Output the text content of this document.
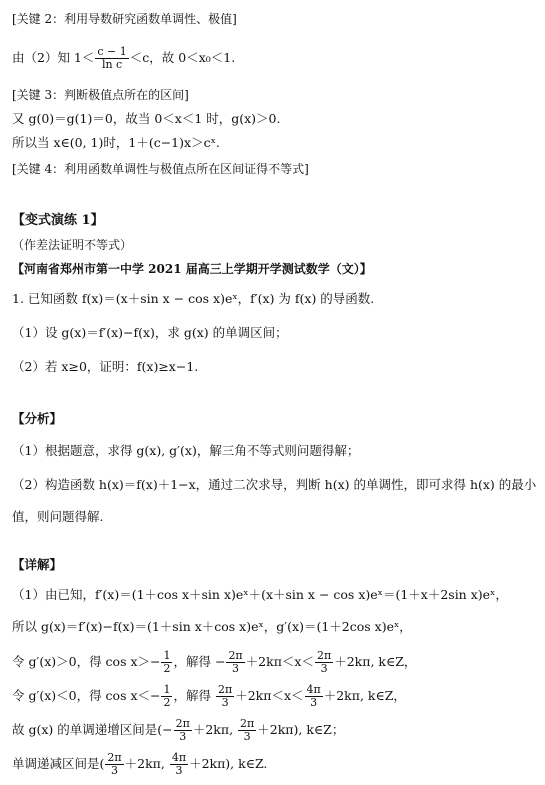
[关键 2：利用导数研究函数单调性、极值]
由（2）知 $1< \frac{c - 1}{\text{ln c}} <c$，故 0＜x₀＜1.
[关键 3：判断极值点所在的区间]
又 g(0)＝g(1)＝0，故当 0＜x＜1 时，g(x)＞0.
所以当 x∈(0, 1)时，1＋(c−1)x＞cˣ.
[关键 4：利用函数单调性与极值点所在区间证得不等式]
【变式演练 1】
（作差法证明不等式）
【河南省郑州市第一中学 2021 届高三上学期开学测试数学（文）】
1. 已知函数 f(x)＝(x＋sin x − cos x)eˣ，f′(x) 为 f(x) 的导函数.
（1）设 g(x)＝f′(x)−f(x)，求 g(x) 的单调区间；
（2）若 x≥0，证明：f(x)≥x−1.
【分析】
（1）根据题意，求得 g(x), g′(x)，解三角不等式则问题得解；
（2）构造函数 h(x)＝f(x)＋1−x，通过二次求导，判断 h(x) 的单调性，即可求得 h(x) 的最小
值，则问题得解.
【详解】
（1）由已知，f′(x)＝(1＋cos x＋sin x)eˣ＋(x＋sin x − cos x)eˣ＝(1＋x＋2sin x)eˣ，
所以 g(x)＝f′(x)−f(x)＝(1＋sin x＋cos x)eˣ，g′(x)＝(1＋2cos x)eˣ，
令 g′(x)＞0，得 $\cos x>- \frac{1}{2}$ ，解得 − $\frac{2\pi}{3} +2k\pi<x< \frac{2\pi}{3} +2k\pi$, k∈Z，
令 g′(x)＜0，得 $\cos x<- \frac{1}{2}$ ，解得 $\frac{2\pi}{3} +2k\pi<x< \frac{4\pi}{3} +2k\pi$, k∈Z，
故 g(x) 的单调递增区间是(− $\frac{2\pi}{3} +2k\pi$, $\frac{2\pi}{3} +2k\pi$), k∈Z；
单调递减区间是( $\frac{2\pi}{3} +2k\pi$, $\frac{4\pi}{3} +2k\pi$), k∈Z.
